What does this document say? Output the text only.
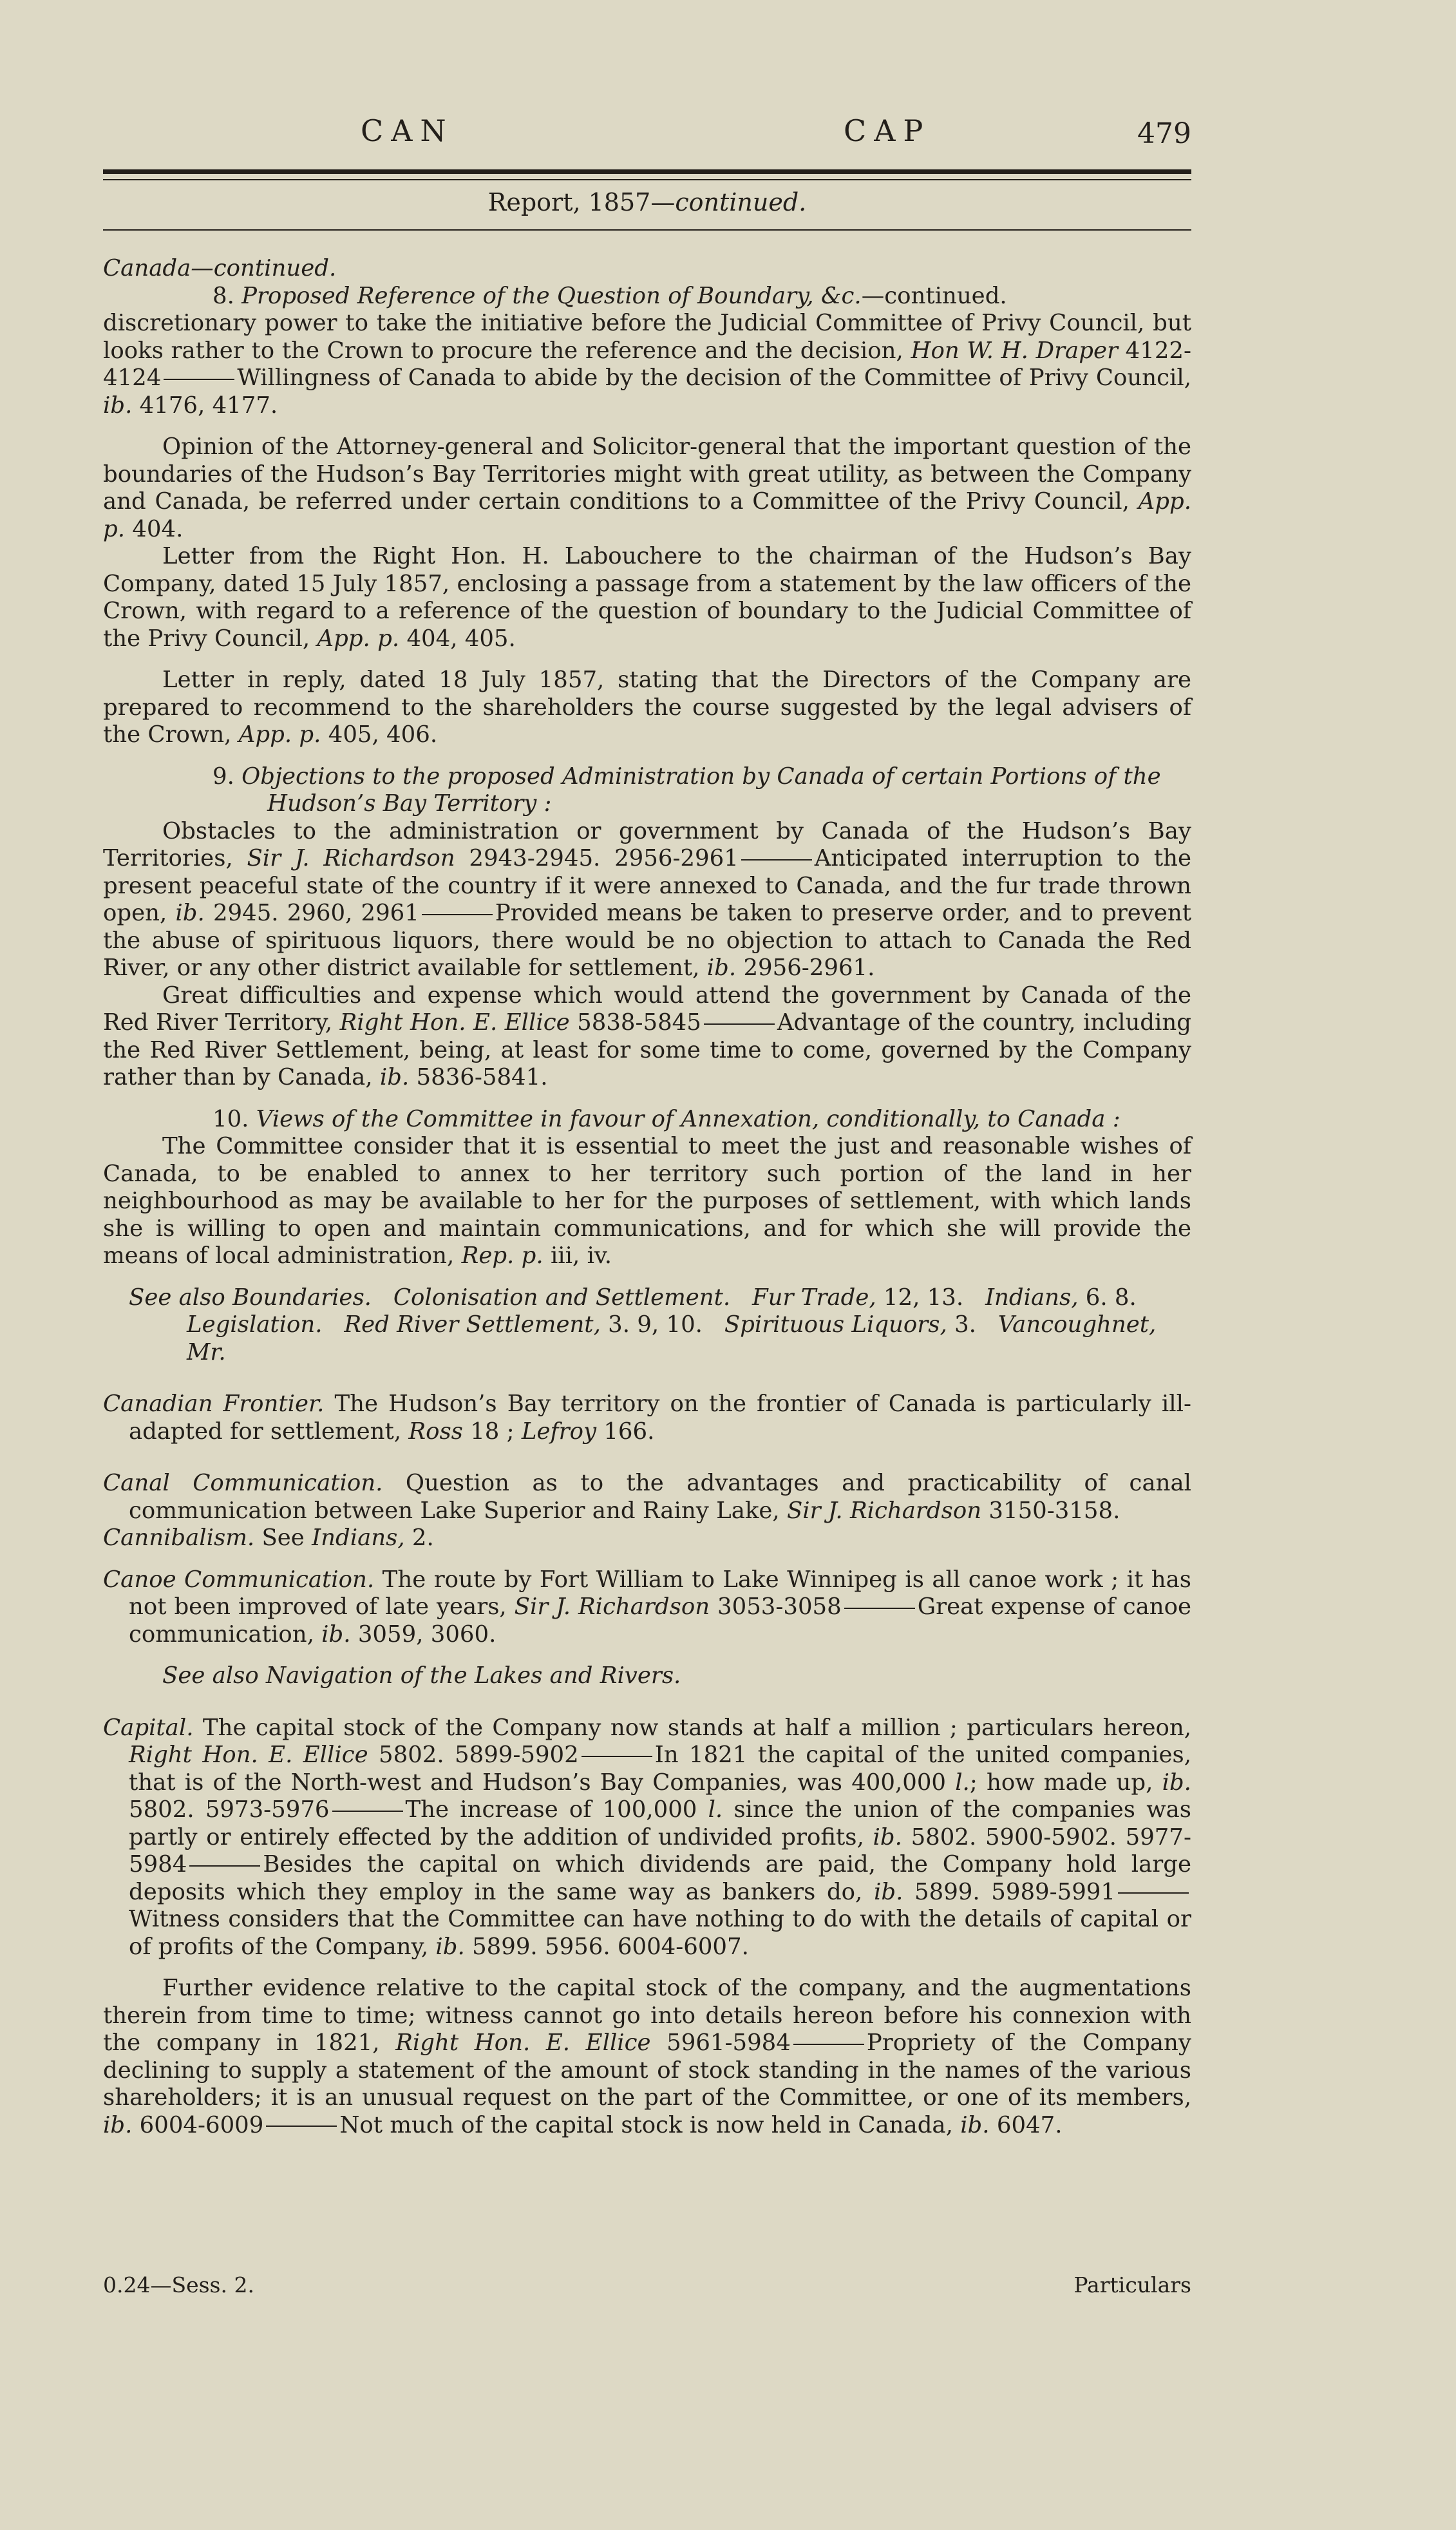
CAN	CAP	479
Report, 1857—continued.

Canada—continued.

8. Proposed Reference of the Question of Boundary, &c.—continued.

discretionary power to take the initiative before the Judicial Committee of Privy Council, but looks rather to the Crown to procure the reference and the decision, Hon W. H. Draper 4122-4124	Willingness of Canada to abide by the decision of the Committee of Privy Council, ib. 4176, 4177.

Opinion of the Attorney-general and Solicitor-general that the important question of the boundaries of the Hudson’s Bay Territories might with great utility, as between the Company and Canada, be referred under certain conditions to a Committee of the Privy Council, App. p. 404.

Letter from the Right Hon. H. Labouchere to the chairman of the Hudson’s Bay Company, dated 15 July 1857, enclosing a passage from a statement by the law officers of the Crown, with regard to a reference of the question of boundary to the Judicial Committee of the Privy Council, App. p. 404, 405.

Letter in reply, dated 18 July 1857, stating that the Directors of the Company are prepared to recommend to the shareholders the course suggested by the legal advisers of the Crown, App. p. 405, 406.

9. Objections to the proposed Administration by Canada of certain Portions of the Hudson’s Bay Territory :

Obstacles to the administration or government by Canada of the Hudson’s Bay Territories, Sir J. Richardson 2943-2945. 2956-2961	Anticipated interruption to the present peaceful state of the country if it were annexed to Canada, and the fur trade thrown open, ib. 2945. 2960, 2961	Provided means be taken to preserve order, and to prevent the abuse of spirituous liquors, there would be no objection to attach to Canada the Red River, or any other district available for settlement, ib. 2956-2961.

Great difficulties and expense which would attend the government by Canada of the Red River Territory, Right Hon. E. Ellice 5838-5845	Advantage of the country, including the Red River Settlement, being, at least for some time to come, governed by the Company rather than by Canada, ib. 5836-5841.

10. Views of the Committee in favour of Annexation, conditionally, to Canada :

The Committee consider that it is essential to meet the just and reasonable wishes of Canada, to be enabled to annex to her territory such portion of the land in her neighbourhood as may be available to her for the purposes of settlement, with which lands she is willing to open and maintain communications, and for which she will provide the means of local administration, Rep. p. iii, iv.

See also Boundaries. Colonisation and Settlement. Fur Trade, 12, 13. Indians, 6. 8.   Legislation. Red River Settlement, 3. 9, 10. Spirituous Liquors, 3. Vancoughnet, Mr.

Canadian Frontier. The Hudson’s Bay territory on the frontier of Canada is particularly ill-adapted for settlement, Ross 18 ; Lefroy 166.

Canal Communication. Question as to the advantages and practicability of canal communication between Lake Superior and Rainy Lake, Sir J. Richardson 3150-3158.

Cannibalism. See Indians, 2.

Canoe Communication. The route by Fort William to Lake Winnipeg is all canoe work ; it has not been improved of late years, Sir J. Richardson 3053-3058	Great expense of canoe communication, ib. 3059, 3060.

See also Navigation of the Lakes and Rivers.

Capital. The capital stock of the Company now stands at half a million ; particulars hereon, Right Hon. E. Ellice 5802. 5899-5902	In 1821 the capital of the united companies, that is of the North-west and Hudson’s Bay Companies, was 400,000 l.; how made up, ib. 5802. 5973-5976	The increase of 100,000 l. since the union of the companies was partly or entirely effected by the addition of undivided profits, ib. 5802. 5900-5902. 5977-5984	Besides the capital on which dividends are paid, the Company hold large deposits which they employ in the same way as bankers do, ib. 5899. 5989-5991Witness considers that the Committee can have nothing to do with the details of capital or of profits of the Company, ib. 5899. 5956. 6004-6007.

Further evidence relative to the capital stock of the company, and the augmentations therein from time to time; witness cannot go into details hereon before his connexion with the company in 1821, Right Hon. E. Ellice 5961-5984	Propriety of the Company declining to supply a statement of the amount of stock standing in the names of the various shareholders; it is an unusual request on the part of the Committee, or one of its members, ib. 6004-6009	Not much of the capital stock is now held in Canada, ib. 6047.

0.24—Sess. 2.	Particulars
